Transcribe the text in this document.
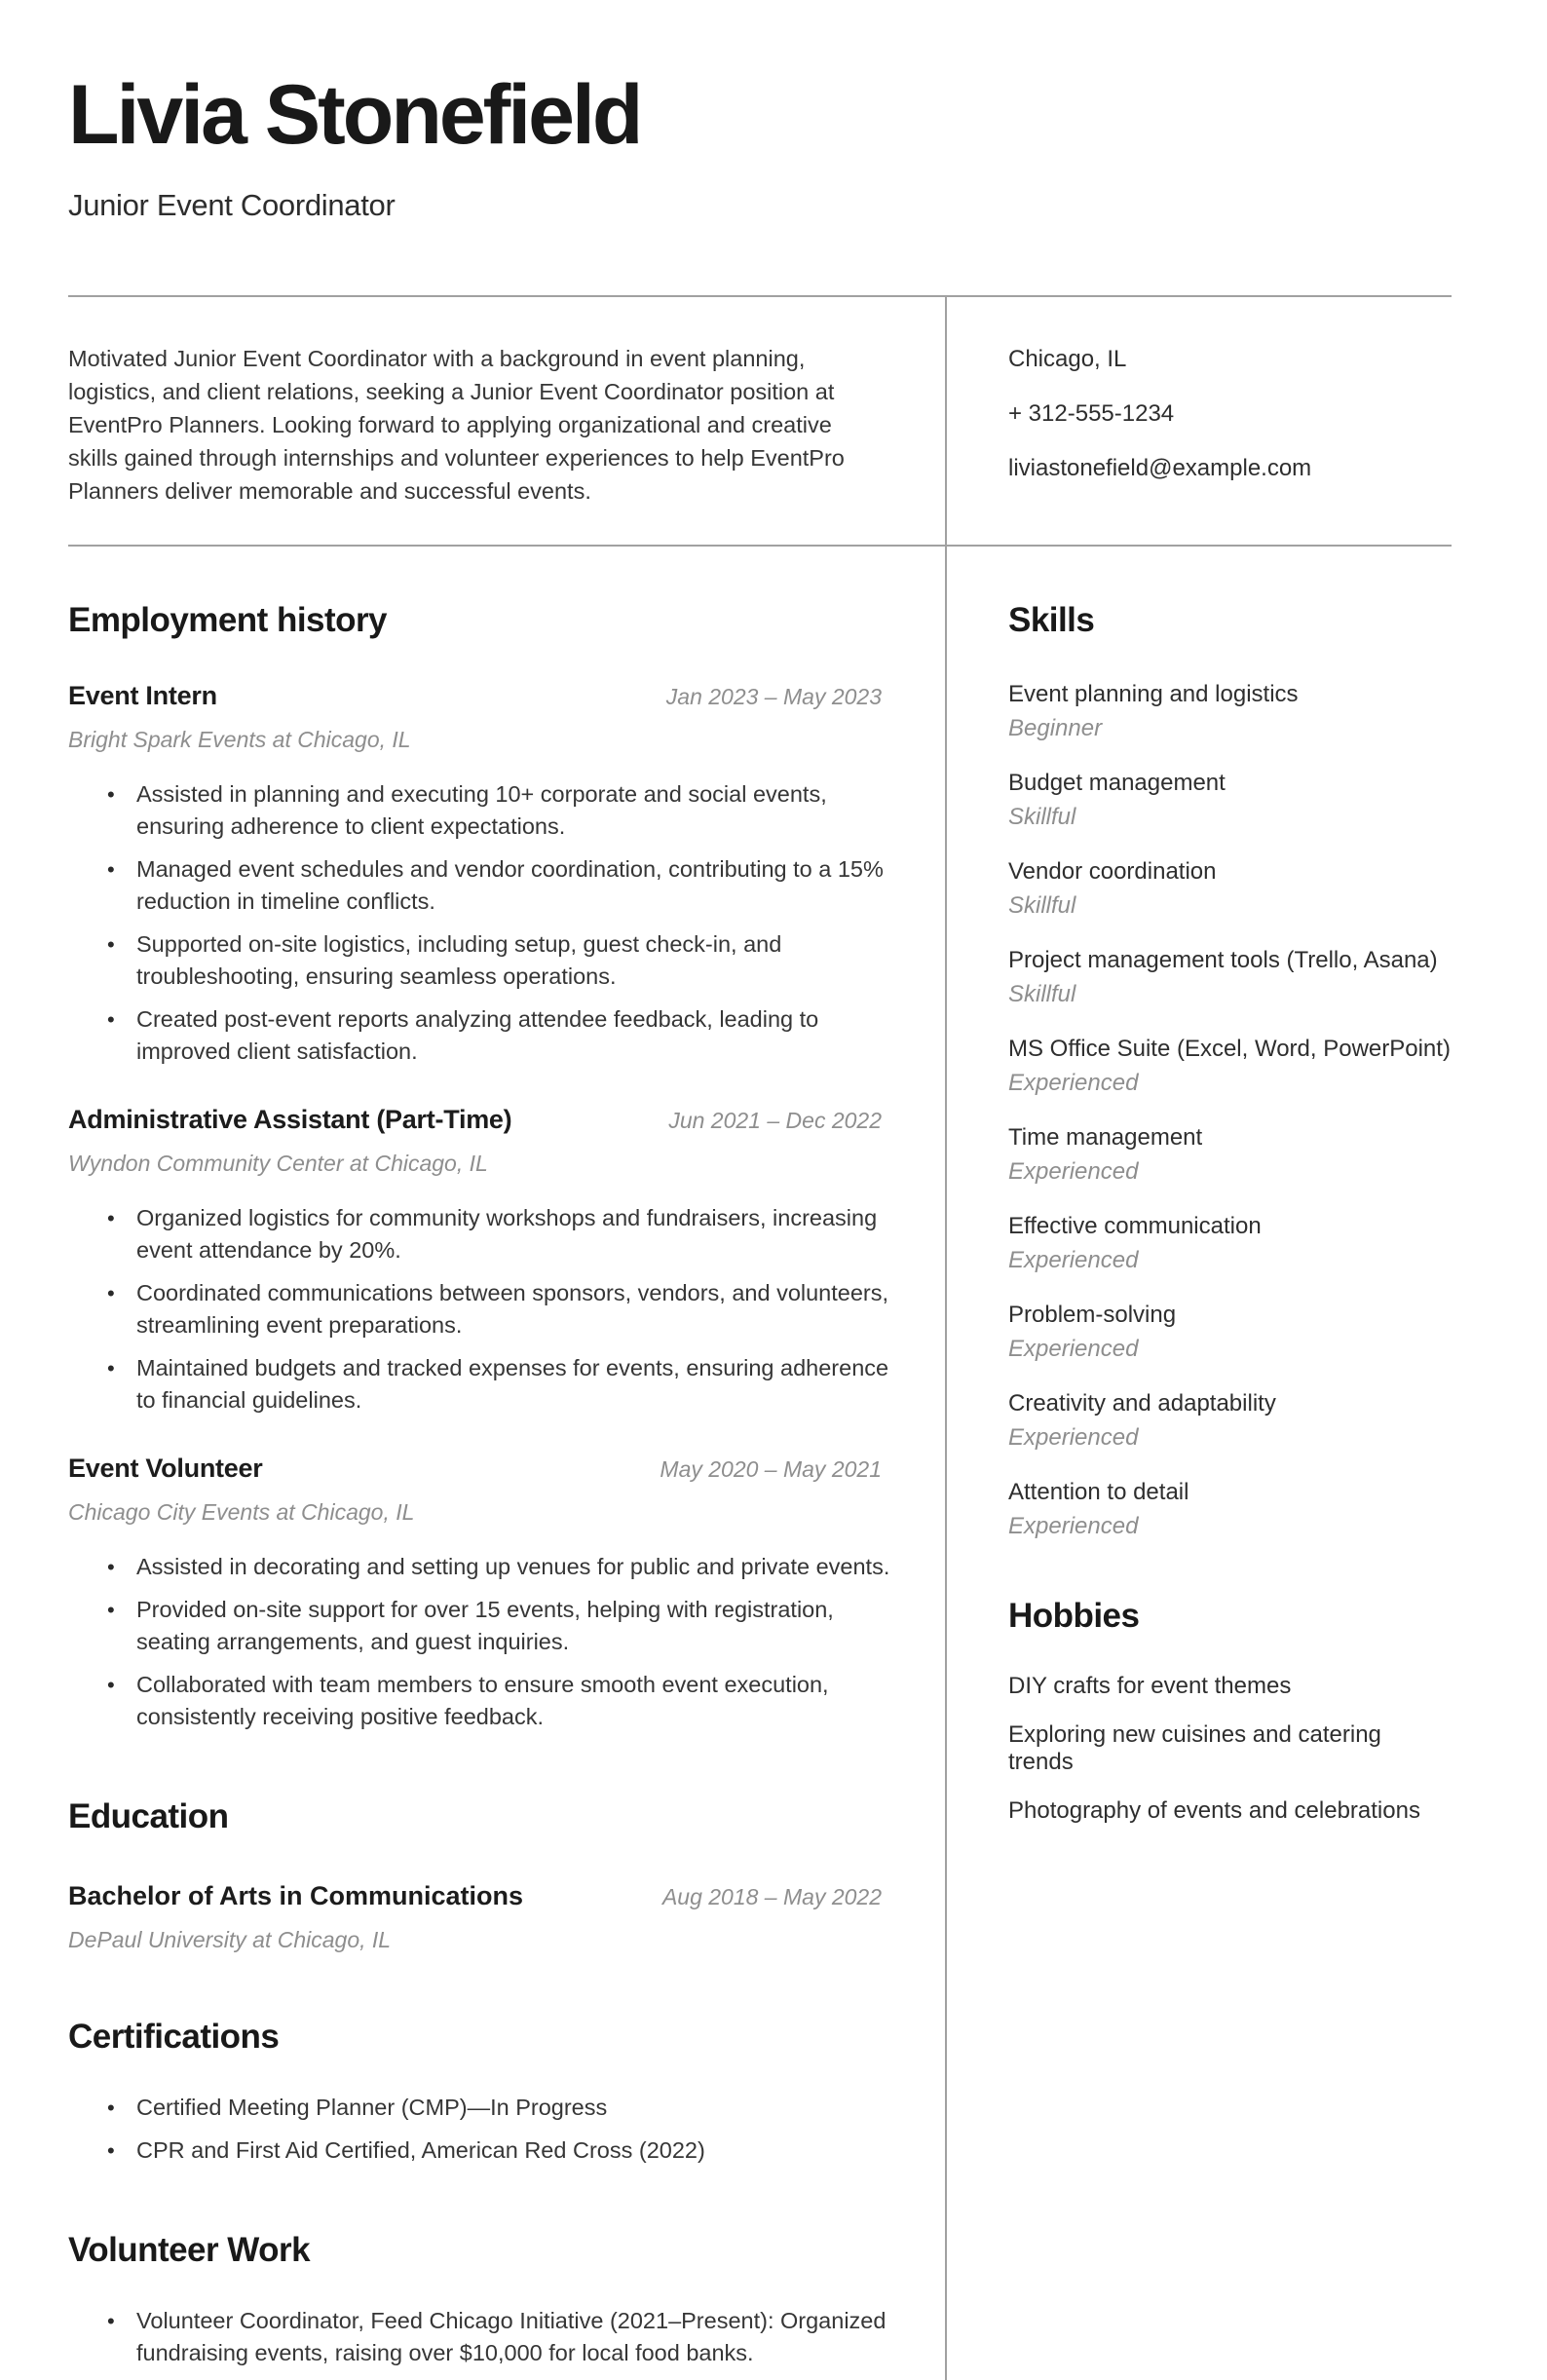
Livia Stonefield
Junior Event Coordinator

Motivated Junior Event Coordinator with a background in event planning, logistics, and client relations, seeking a Junior Event Coordinator position at EventPro Planners. Looking forward to applying organizational and creative skills gained through internships and volunteer experiences to help EventPro Planners deliver memorable and successful events.

Chicago, IL
+ 312-555-1234
liviastonefield@example.com
Employment history
Event Intern	Jan 2023 – May 2023
Bright Spark Events at Chicago, IL
• Assisted in planning and executing 10+ corporate and social events, ensuring adherence to client expectations.
• Managed event schedules and vendor coordination, contributing to a 15% reduction in timeline conflicts.
• Supported on-site logistics, including setup, guest check-in, and troubleshooting, ensuring seamless operations.
• Created post-event reports analyzing attendee feedback, leading to improved client satisfaction.
Administrative Assistant (Part-Time)	Jun 2021 – Dec 2022
Wyndon Community Center at Chicago, IL
• Organized logistics for community workshops and fundraisers, increasing event attendance by 20%.
• Coordinated communications between sponsors, vendors, and volunteers, streamlining event preparations.
• Maintained budgets and tracked expenses for events, ensuring adherence to financial guidelines.
Event Volunteer	May 2020 – May 2021
Chicago City Events at Chicago, IL
• Assisted in decorating and setting up venues for public and private events.
• Provided on-site support for over 15 events, helping with registration, seating arrangements, and guest inquiries.
• Collaborated with team members to ensure smooth event execution, consistently receiving positive feedback.
Education
Bachelor of Arts in Communications	Aug 2018 – May 2022
DePaul University at Chicago, IL
Certifications
• Certified Meeting Planner (CMP)—In Progress
• CPR and First Aid Certified, American Red Cross (2022)
Volunteer Work
• Volunteer Coordinator, Feed Chicago Initiative (2021–Present): Organized fundraising events, raising over $10,000 for local food banks.
Skills
Event planning and logistics
Beginner
Budget management
Skillful
Vendor coordination
Skillful
Project management tools (Trello, Asana)
Skillful
MS Office Suite (Excel, Word, PowerPoint)
Experienced
Time management
Experienced
Effective communication
Experienced
Problem-solving
Experienced
Creativity and adaptability
Experienced
Attention to detail
Experienced
Hobbies
DIY crafts for event themes
Exploring new cuisines and catering trends
Photography of events and celebrations
